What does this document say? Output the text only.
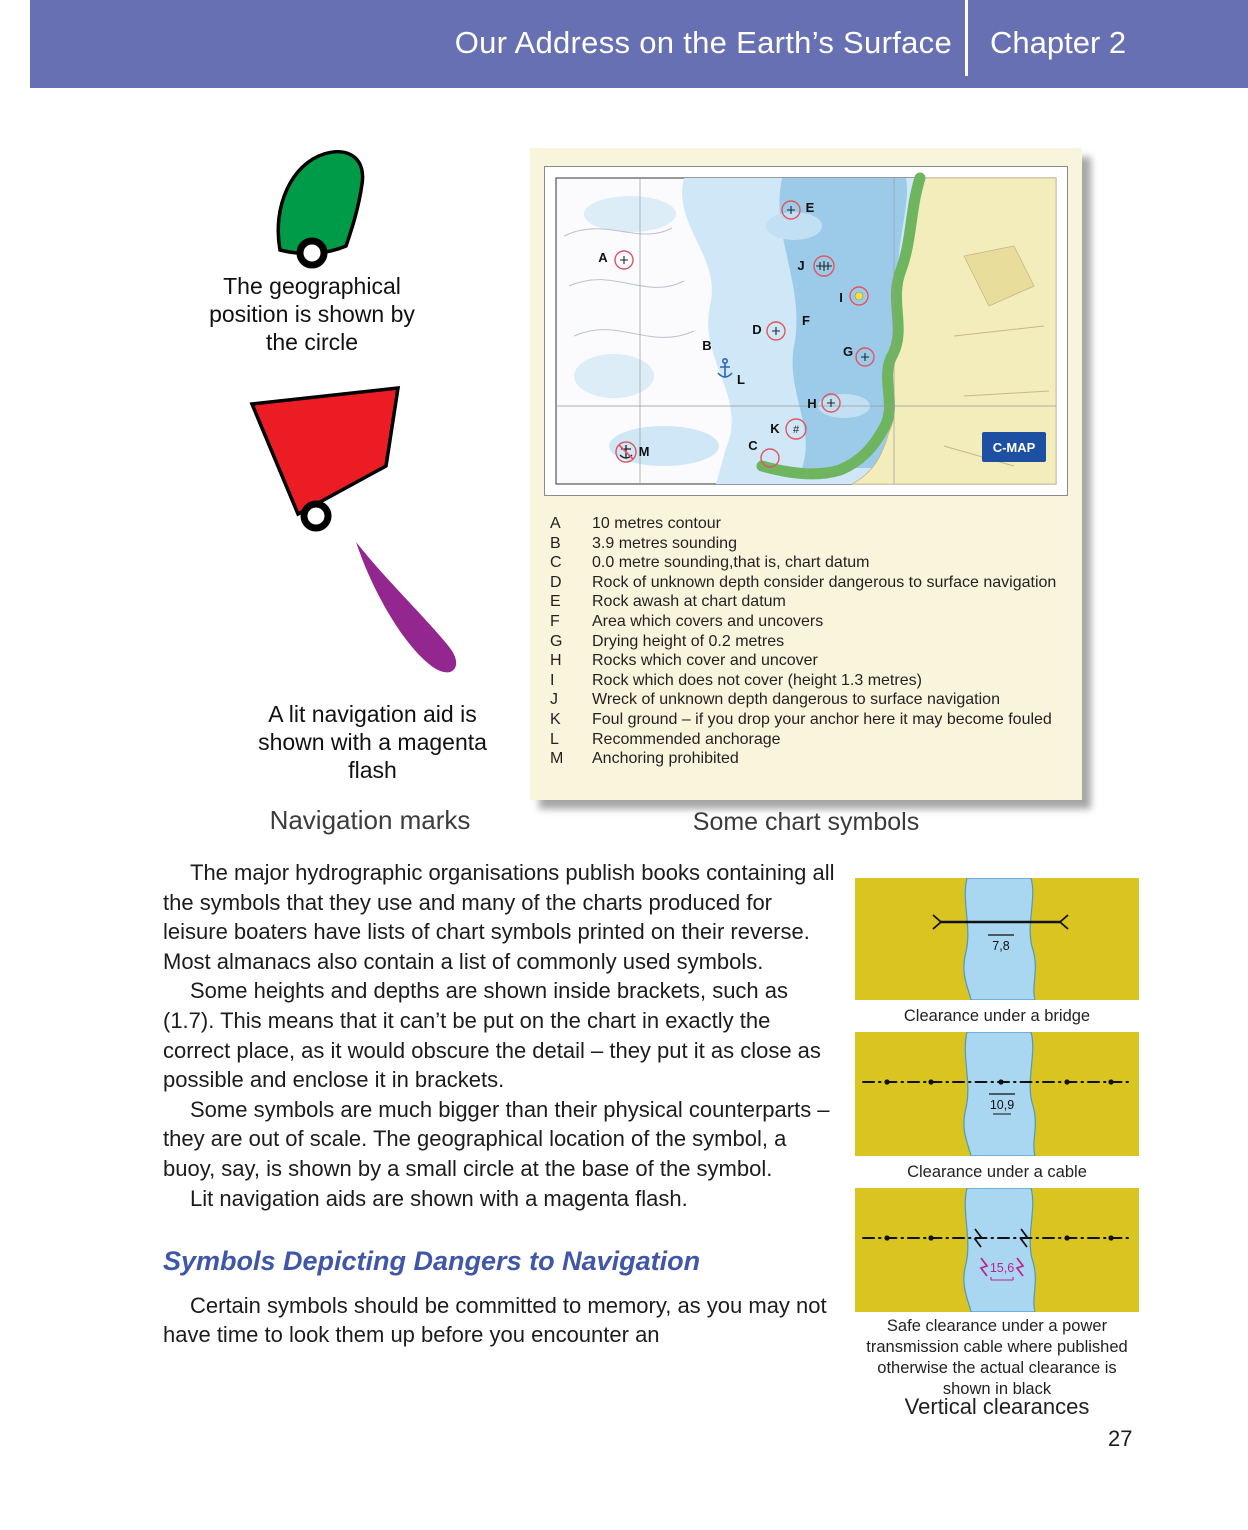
Our Address on the Earth’s Surface Chapter 2
The geographical position is shown by the circle
A lit navigation aid is shown with a magenta flash
Navigation marks
#
A
B
C
D
E
F
G
H
I
J
K
L
M	C-MAP
A	10 metres contour
B	3.9 metres sounding
C	0.0 metre sounding,that is, chart datum
D	Rock of unknown depth consider dangerous to surface navigation
E	Rock awash at chart datum
F	Area which covers and uncovers
G	Drying height of 0.2 metres
H	Rocks which cover and uncover
I	Rock which does not cover (height 1.3 metres)
J	Wreck of unknown depth dangerous to surface navigation
K	Foul ground – if you drop your anchor here it may become fouled
L	Recommended anchorage
M	Anchoring prohibited
Some chart symbols

The major hydrographic organisations publish books containing all the symbols that they use and many of the charts produced for leisure boaters have lists of chart symbols printed on their reverse. Most almanacs also contain a list of commonly used symbols.

Some heights and depths are shown inside brackets, such as (1.7). This means that it can’t be put on the chart in exactly the correct place, as it would obscure the detail – they put it as close as possible and enclose it in brackets.

Some symbols are much bigger than their physical counterparts – they are out of scale. The geographical location of the symbol, a buoy, say, is shown by a small circle at the base of the symbol.

Lit navigation aids are shown with a magenta flash.

Symbols Depicting Dangers to Navigation

Certain symbols should be committed to memory, as you may not have time to look them up before you encounter an

7,8
Clearance under a bridge
10,9
Clearance under a cable
15,6
Safe clearance under a power transmission cable where published otherwise the actual clearance is shown in black
Vertical clearances
27
